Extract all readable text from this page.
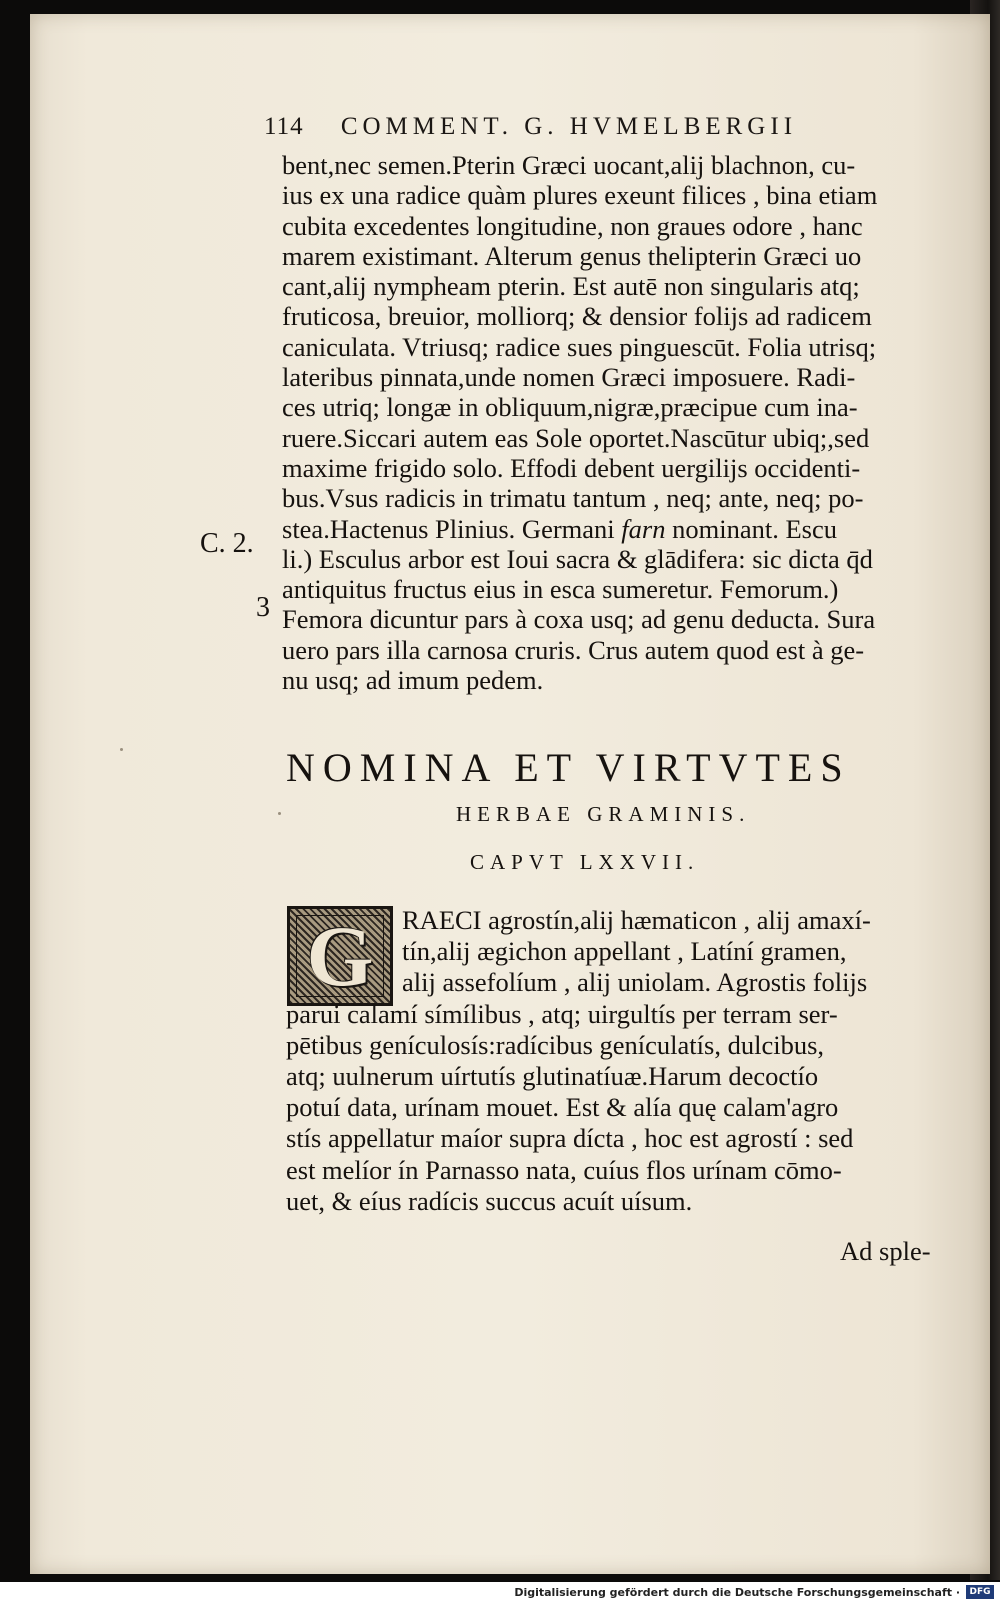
114 COMMENT. G. HVMELBERGII
bent,nec semen.Pterin Græci uocant,alij blachnon, cu-
ius ex una radice quàm plures exeunt filices , bina etiam
cubita excedentes longitudine, non graues odore , hanc
marem existimant. Alterum genus thelipterin Græci uo
cant,alij nympheam pterin. Est autē non singularis atq;
fruticosa, breuior, molliorq; & densior folijs ad radicem
caniculata. Vtriusq; radice sues pinguescūt. Folia utrisq;
lateribus pinnata,unde nomen Græci imposuere. Radi-
ces utriq; longæ in obliquum,nigræ,præcipue cum ina-
ruere.Siccari autem eas Sole oportet.Nascūtur ubiq;,sed
maxime frigido solo. Effodi debent uergilijs occidenti-
bus.Vsus radicis in trimatu tantum , neq; ante, neq; po-
stea.Hactenus Plinius. Germani farn nominant. Escu
li.) Esculus arbor est Ioui sacra & glādifera: sic dicta q̄d
antiquitus fructus eius in esca sumeretur. Femorum.)
Femora dicuntur pars à coxa usq; ad genu deducta. Sura
uero pars illa carnosa cruris. Crus autem quod est à ge-
nu usq; ad imum pedem.
C. 2.
3
NOMINA ET VIRTVTES
HERBAE GRAMINIS.
CAPVT LXXVII.
G	RAECI agrostín,alij hæmaticon , alij amaxí-
tín,alij ægichon appellant , Latíní gramen,
alij assefolíum , alij uniolam. Agrostis folijs
parui calamí símílibus , atq; uirgultís per terram ser-
pētibus genículosís:radícibus genículatís, dulcibus,
atq; uulnerum uírtutís glutinatíuæ.Harum decoctío
potuí data, urínam mouet. Est & alía quę calam'agro
stís appellatur maíor supra dícta , hoc est agrostí : sed
est melíor ín Parnasso nata, cuíus flos urínam cōmo-
uet, & eíus radícis succus acuít uísum.
Ad sple-
Digitalisierung gefördert durch die Deutsche Forschungsgemeinschaft ·	DFG
